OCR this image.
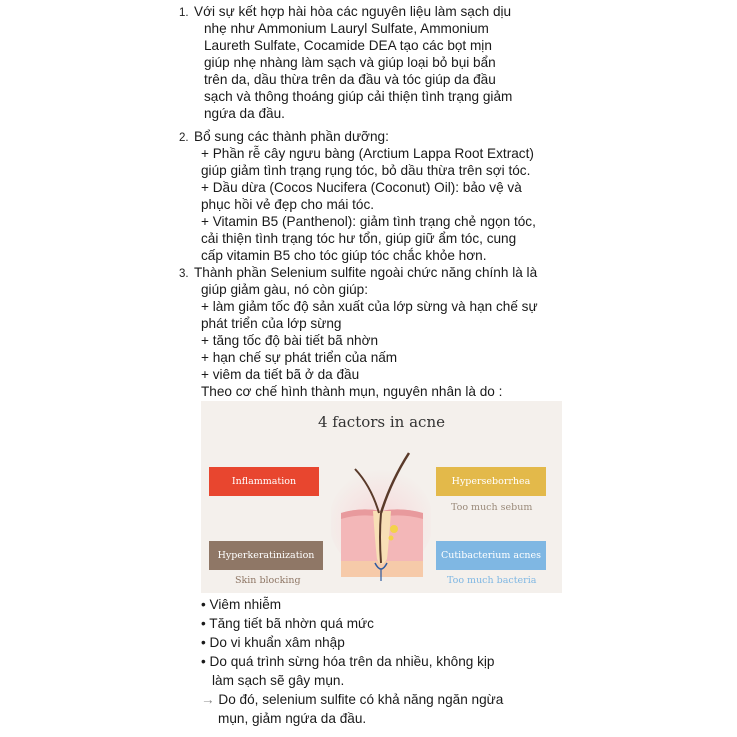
1. Với sự kết hợp hài hòa các nguyên liệu làm sạch dịu
nhẹ như Ammonium Lauryl Sulfate, Ammonium
Laureth Sulfate, Cocamide DEA tạo các bọt mịn
giúp nhẹ nhàng làm sạch và giúp loại bỏ bụi bẩn
trên da, dầu thừa trên da đầu và tóc giúp da đầu
sạch và thông thoáng giúp cải thiện tình trạng giảm
ngứa da đầu.
2. Bổ sung các thành phần dưỡng:
+ Phần rễ cây ngưu bàng (Arctium Lappa Root Extract)
giúp giảm tình trạng rụng tóc, bỏ dầu thừa trên sợi tóc.
+ Dầu dừa (Cocos Nucifera (Coconut) Oil): bảo vệ và
phục hồi vẻ đẹp cho mái tóc.
+ Vitamin B5 (Panthenol): giảm tình trạng chẻ ngọn tóc,
cải thiện tình trạng tóc hư tổn, giúp giữ ẩm tóc, cung
cấp vitamin B5 cho tóc giúp tóc chắc khỏe hơn.
3. Thành phần Selenium sulfite ngoài chức năng chính là là
giúp giảm gàu, nó còn giúp:
+ làm giảm tốc độ sản xuất của lớp sừng và hạn chế sự
phát triển của lớp sừng
+ tăng tốc độ bài tiết bã nhờn
+ hạn chế sự phát triển của nấm
+ viêm da tiết bã ở da đầu
Theo cơ chế hình thành mụn, nguyên nhân là do :
4 factors in acne
Inflammation	Hyperseborrhea
Too much sebum
Hyperkeratinization
Skin blocking
Cutibacterium acnes
Too much bacteria
• Viêm nhiễm
• Tăng tiết bã nhờn quá mức
• Do vi khuẩn xâm nhập
• Do quá trình sừng hóa trên da nhiều, không kịp
làm sạch sẽ gây mụn.
→ Do đó, selenium sulfite có khả năng ngăn ngừa
mụn, giảm ngứa da đầu.
